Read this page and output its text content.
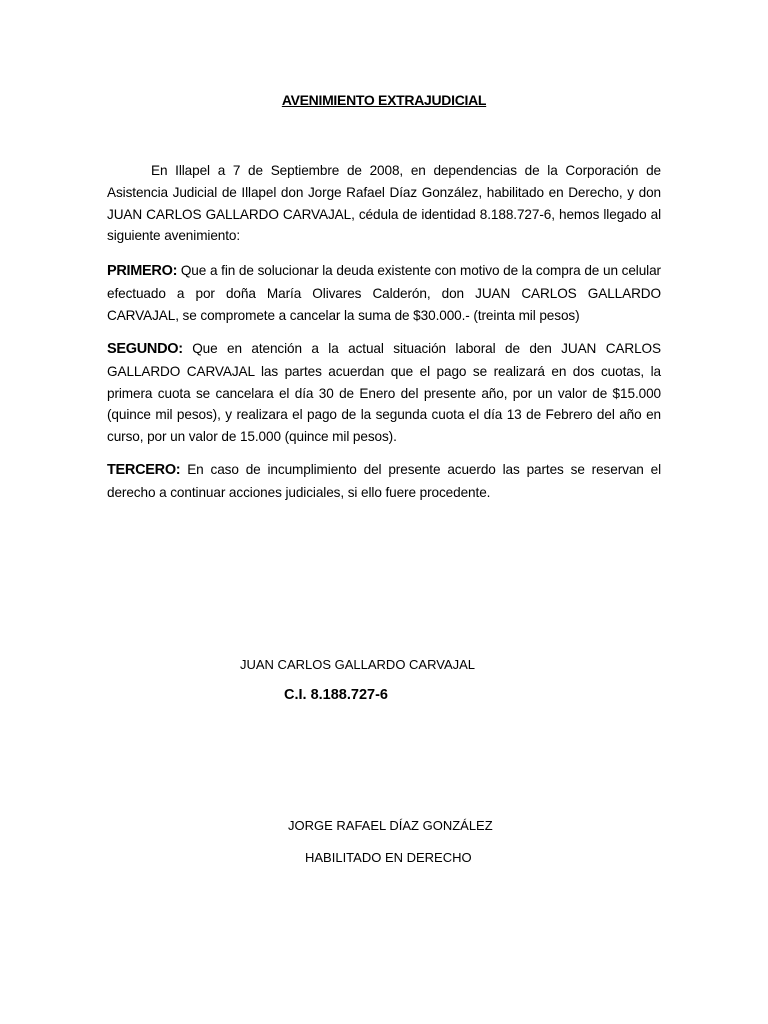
AVENIMIENTO EXTRAJUDICIAL

En Illapel a 7 de Septiembre de 2008, en dependencias de la Corporación de Asistencia Judicial de Illapel don Jorge Rafael Díaz González, habilitado en Derecho, y don JUAN CARLOS GALLARDO CARVAJAL, cédula de identidad 8.188.727-6, hemos llegado al siguiente avenimiento:

PRIMERO: Que a fin de solucionar la deuda existente con motivo de la compra de un celular efectuado a por doña María Olivares Calderón, don JUAN CARLOS GALLARDO CARVAJAL, se compromete a cancelar la suma de $30.000.- (treinta mil pesos)

SEGUNDO: Que en atención a la actual situación laboral de den JUAN CARLOS GALLARDO CARVAJAL las partes acuerdan que el pago se realizará en dos cuotas, la primera cuota se cancelara el día 30 de Enero del presente año, por un valor de $15.000 (quince mil pesos), y realizara el pago de la segunda cuota el día 13 de Febrero del año en curso, por un valor de 15.000 (quince mil pesos).

TERCERO: En caso de incumplimiento del presente acuerdo las partes se reservan el derecho a continuar acciones judiciales, si ello fuere procedente.

JUAN CARLOS GALLARDO CARVAJAL
C.I. 8.188.727-6
JORGE RAFAEL DÍAZ GONZÁLEZ
HABILITADO EN DERECHO
